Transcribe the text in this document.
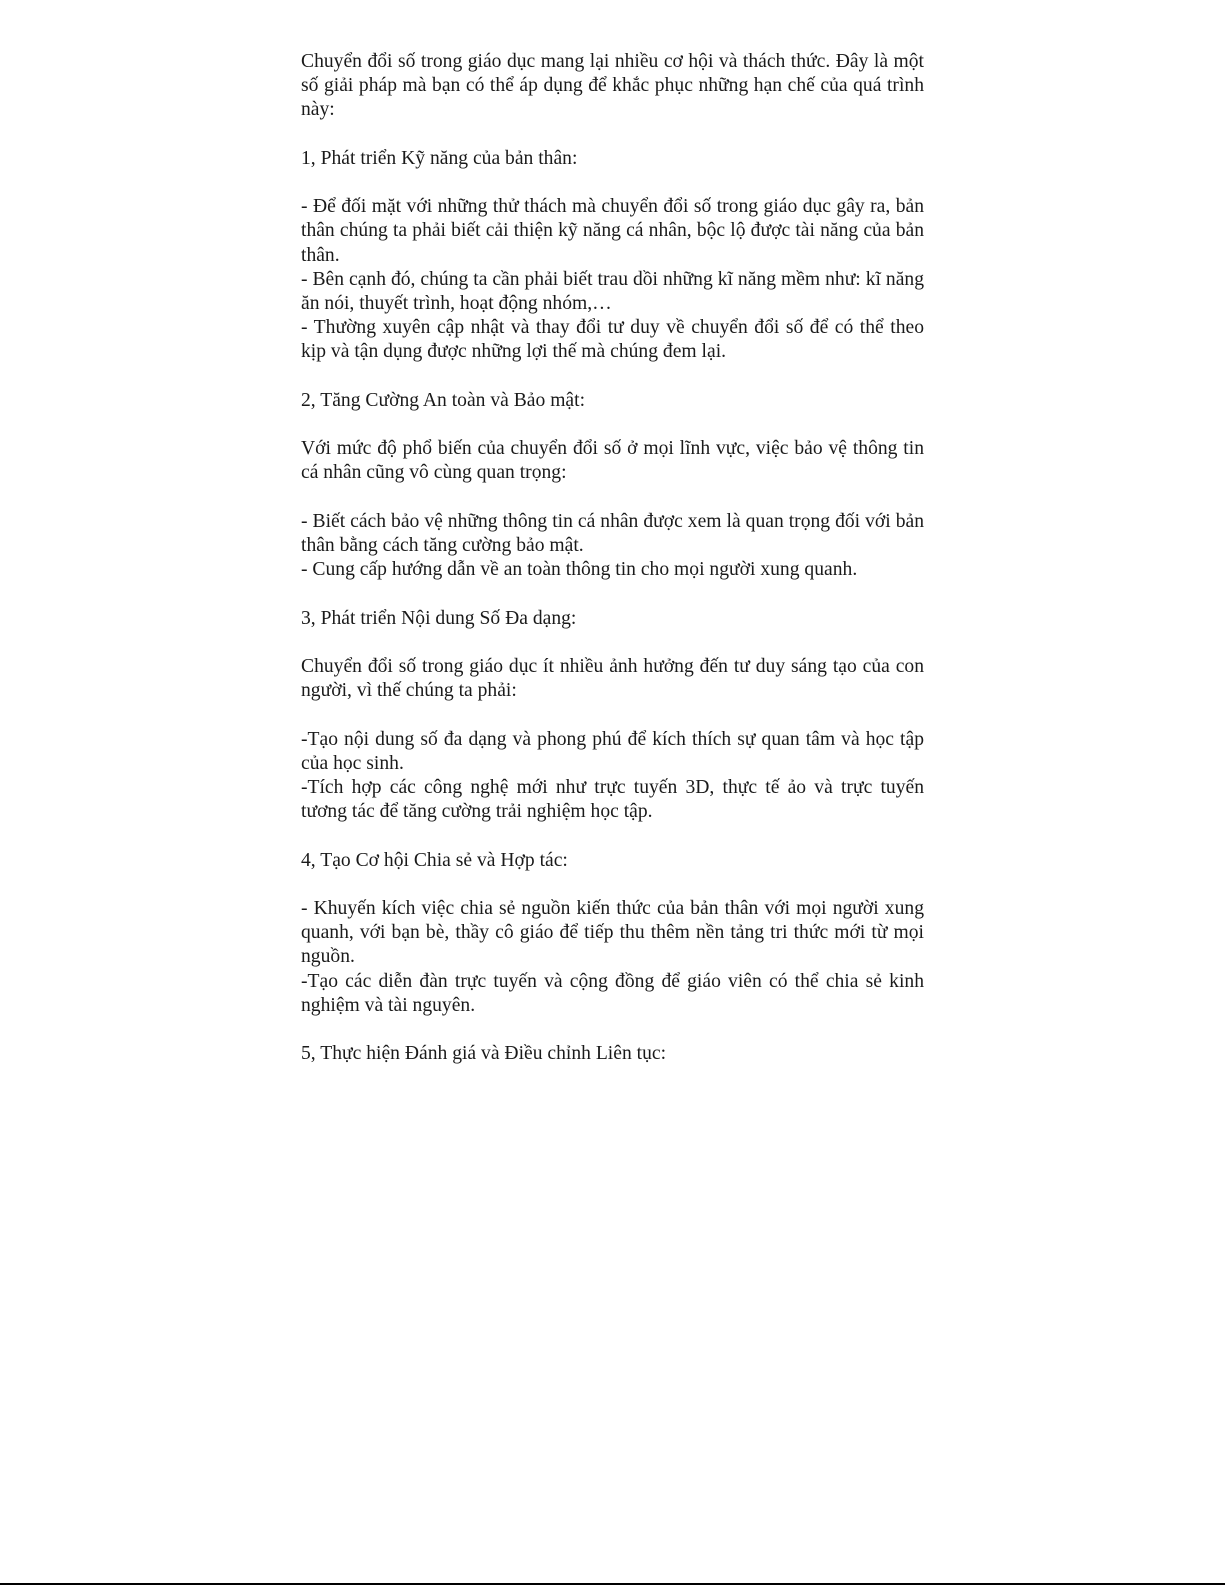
Chuyển đổi số trong giáo dục mang lại nhiều cơ hội và thách thức. Đây là một số giải pháp mà bạn có thể áp dụng để khắc phục những hạn chế của quá trình này:

1, Phát triển Kỹ năng của bản thân:

- Để đối mặt với những thử thách mà chuyển đổi số trong giáo dục gây ra, bản thân chúng ta phải biết cải thiện kỹ năng cá nhân, bộc lộ được tài năng của bản thân.

- Bên cạnh đó, chúng ta cần phải biết trau dồi những kĩ năng mềm như: kĩ năng ăn nói, thuyết trình, hoạt động nhóm,…

- Thường xuyên cập nhật và thay đổi tư duy về chuyển đổi số để có thể theo kịp và tận dụng được những lợi thế mà chúng đem lại.

2, Tăng Cường An toàn và Bảo mật:

Với mức độ phổ biến của chuyển đổi số ở mọi lĩnh vực, việc bảo vệ thông tin cá nhân cũng vô cùng quan trọng:

- Biết cách bảo vệ những thông tin cá nhân được xem là quan trọng đối với bản thân bằng cách tăng cường bảo mật.

- Cung cấp hướng dẫn về an toàn thông tin cho mọi người xung quanh.

3, Phát triển Nội dung Số Đa dạng:

Chuyển đổi số trong giáo dục ít nhiều ảnh hưởng đến tư duy sáng tạo của con người, vì thế chúng ta phải:

-Tạo nội dung số đa dạng và phong phú để kích thích sự quan tâm và học tập của học sinh.

-Tích hợp các công nghệ mới như trực tuyến 3D, thực tế ảo và trực tuyến tương tác để tăng cường trải nghiệm học tập.

4, Tạo Cơ hội Chia sẻ và Hợp tác:

- Khuyến kích việc chia sẻ nguồn kiến thức của bản thân với mọi người xung quanh, với bạn bè, thầy cô giáo để tiếp thu thêm nền tảng tri thức mới từ mọi nguồn.

-Tạo các diễn đàn trực tuyến và cộng đồng để giáo viên có thể chia sẻ kinh nghiệm và tài nguyên.

5, Thực hiện Đánh giá và Điều chỉnh Liên tục:
